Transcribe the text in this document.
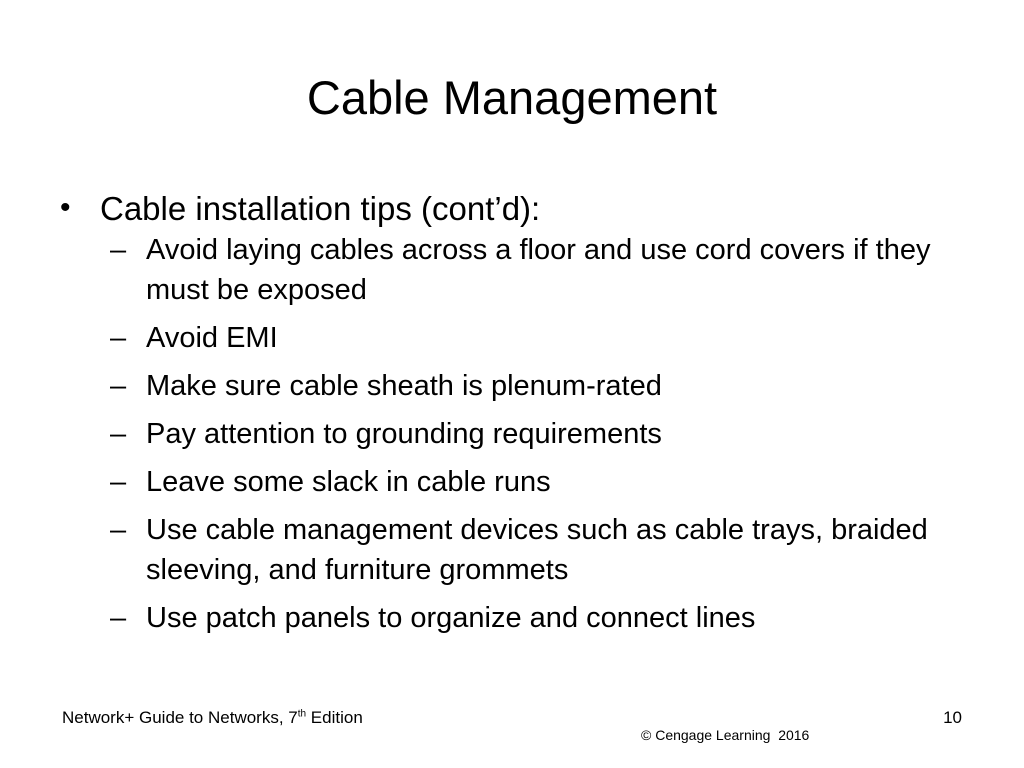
Cable Management
• Cable installation tips (cont’d):
– Avoid laying cables across a floor and use cord covers if they must be exposed
– Avoid EMI
– Make sure cable sheath is plenum-rated
– Pay attention to grounding requirements
– Leave some slack in cable runs
– Use cable management devices such as cable trays, braided sleeving, and furniture grommets
– Use patch panels to organize and connect lines
Network+ Guide to Networks, 7th Edition
© Cengage Learning  2016
10
